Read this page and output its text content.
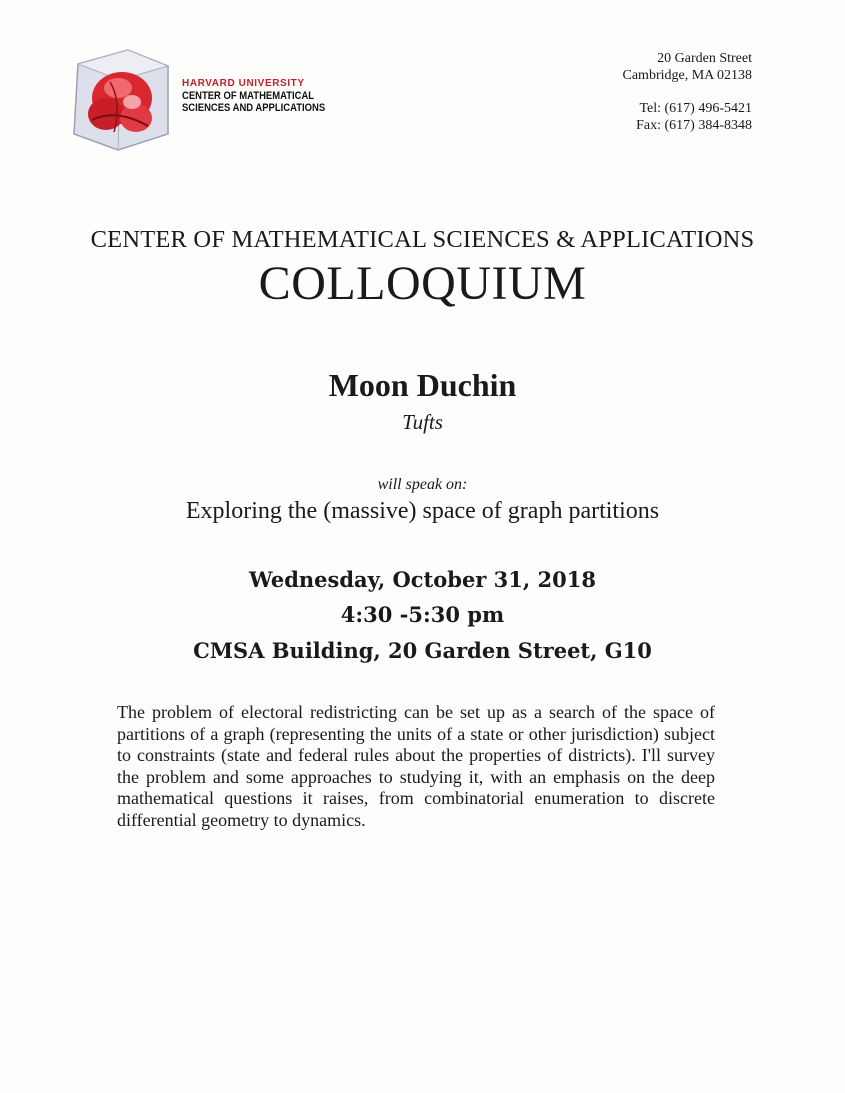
HARVARD UNIVERSITY
CENTER OF MATHEMATICAL
SCIENCES AND APPLICATIONS
20 Garden Street
Cambridge, MA 02138
Tel: (617) 496-5421
Fax: (617) 384-8348
CENTER OF MATHEMATICAL SCIENCES & APPLICATIONS
COLLOQUIUM
Moon Duchin
Tufts
will speak on:
Exploring the (massive) space of graph partitions
Wednesday, October 31, 2018
4:30 -5:30 pm
CMSA Building, 20 Garden Street, G10
The problem of electoral redistricting can be set up as a search of the space of partitions of a graph (representing the units of a state or other jurisdiction) subject to constraints (state and federal rules about the properties of districts). I'll survey the problem and some approaches to studying it, with an emphasis on the deep mathematical questions it raises, from combinatorial enumeration to discrete differential geometry to dynamics.
